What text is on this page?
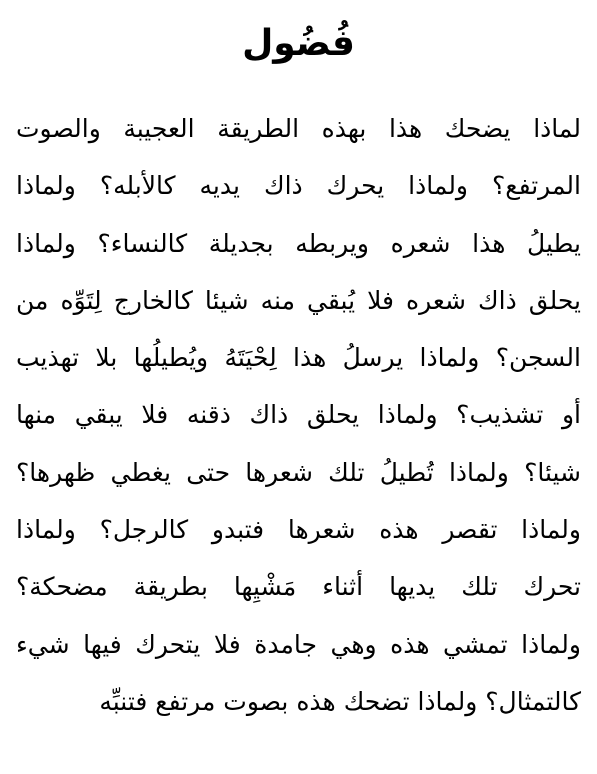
فُضُول
لماذا يضحك هذا بهذه الطريقة العجيبة والصوت
المرتفع؟ ولماذا يحرك ذاك يديه كالأبله؟ ولماذا
يطيلُ هذا شعره ويربطه بجديلة كالنساء؟ ولماذا
يحلق ذاك شعره فلا يُبقي منه شيئا كالخارج لِتَوِّه من
السجن؟ ولماذا يرسلُ هذا لِحْيَتَهُ ويُطيلُها بلا تهذيب
أو تشذيب؟ ولماذا يحلق ذاك ذقنه فلا يبقي منها
شيئا؟ ولماذا تُطيلُ تلك شعرها حتى يغطي ظهرها؟
ولماذا تقصر هذه شعرها فتبدو كالرجل؟ ولماذا
تحرك تلك يديها أثناء مَشْيِها بطريقة مضحكة؟
ولماذا تمشي هذه وهي جامدة فلا يتحرك فيها شيء
كالتمثال؟ ولماذا تضحك هذه بصوت مرتفع فتنبِّه
